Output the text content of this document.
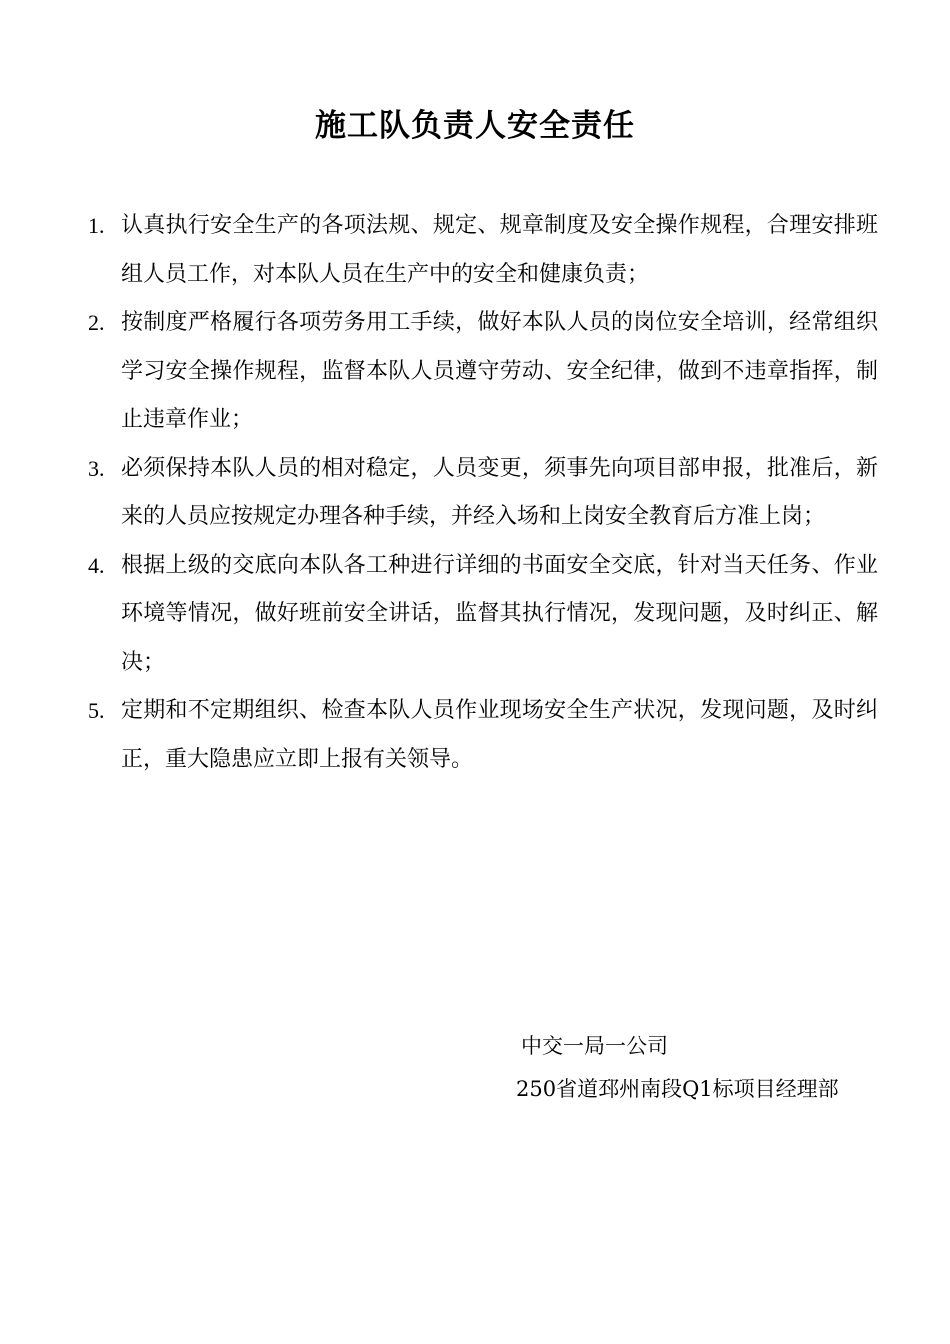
施工队负责人安全责任
1. 认真执行安全生产的各项法规、规定、规章制度及安全操作规程，合理安排班组人员工作，对本队人员在生产中的安全和健康负责；
2. 按制度严格履行各项劳务用工手续，做好本队人员的岗位安全培训，经常组织学习安全操作规程，监督本队人员遵守劳动、安全纪律，做到不违章指挥，制止违章作业；
3. 必须保持本队人员的相对稳定，人员变更，须事先向项目部申报，批准后，新来的人员应按规定办理各种手续，并经入场和上岗安全教育后方准上岗；
4. 根据上级的交底向本队各工种进行详细的书面安全交底，针对当天任务、作业环境等情况，做好班前安全讲话，监督其执行情况，发现问题，及时纠正、解决；
5. 定期和不定期组织、检查本队人员作业现场安全生产状况，发现问题，及时纠正，重大隐患应立即上报有关领导。
中交一局一公司
250省道邳州南段Q1标项目经理部
